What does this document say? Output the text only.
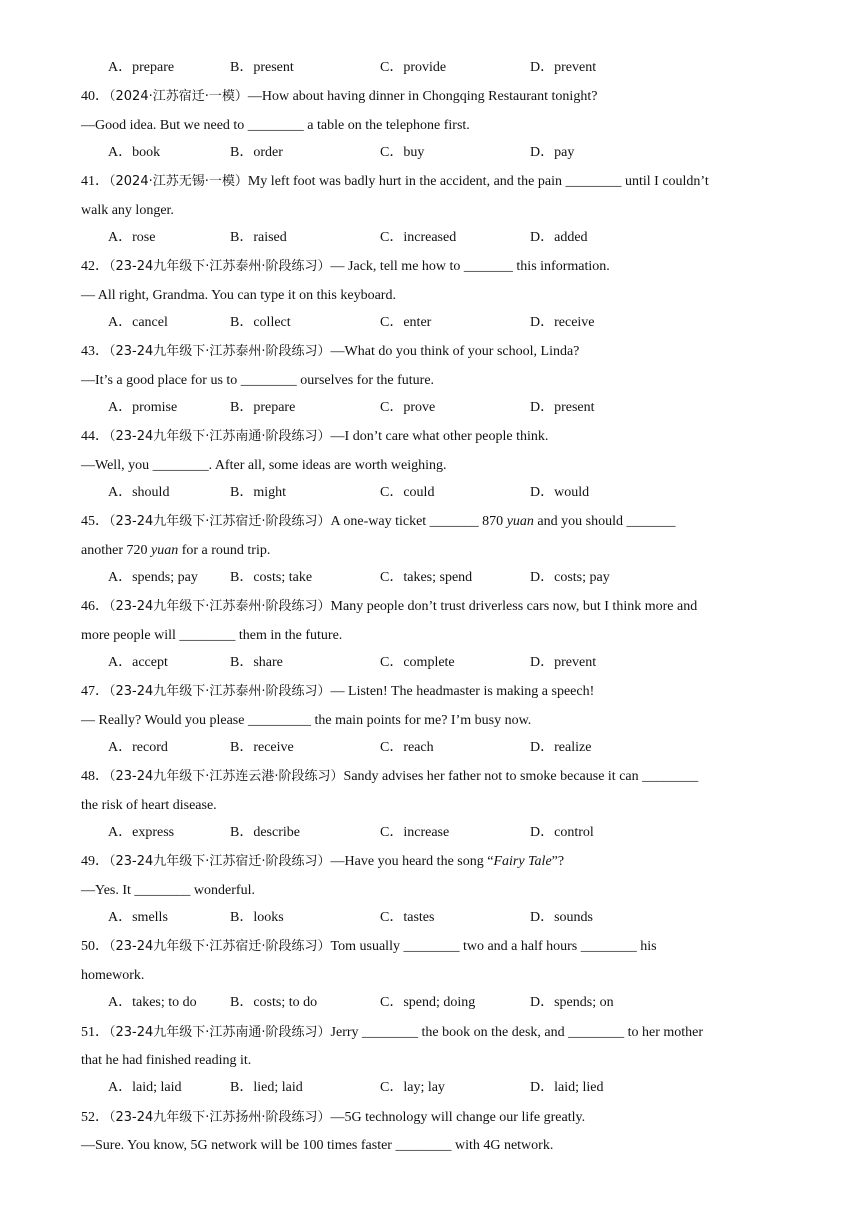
A．prepare	B．present	C．provide	D．prevent
40．（2024·江苏宿迁·一模）—How about having dinner in Chongqing Restaurant tonight?
—Good idea. But we need to ________ a table on the telephone first.
A．book	B．order	C．buy	D．pay
41．（2024·江苏无锡·一模）My left foot was badly hurt in the accident, and the pain ________ until I couldn’t
walk any longer.
A．rose	B．raised	C．increased	D．added
42．（23-24九年级下·江苏泰州·阶段练习）— Jack, tell me how to _______ this information.
— All right, Grandma. You can type it on this keyboard.
A．cancel	B．collect	C．enter	D．receive
43．（23-24九年级下·江苏泰州·阶段练习）—What do you think of your school, Linda?
—It’s a good place for us to ________ ourselves for the future.
A．promise	B．prepare	C．prove	D．present
44．（23-24九年级下·江苏南通·阶段练习）—I don’t care what other people think.
—Well, you ________. After all, some ideas are worth weighing.
A．should	B．might	C．could	D．would
45．（23-24九年级下·江苏宿迁·阶段练习）A one-way ticket _______ 870 yuan and you should _______
another 720 yuan for a round trip.
A．spends; pay B．costs; take	C．takes; spend	D．costs; pay
46．（23-24九年级下·江苏泰州·阶段练习）Many people don’t trust driverless cars now, but I think more and
more people will ________ them in the future.
A．accept	B．share	C．complete	D．prevent
47．（23-24九年级下·江苏泰州·阶段练习）— Listen! The headmaster is making a speech!
— Really? Would you please _________ the main points for me? I’m busy now.
A．record	B．receive	C．reach	D．realize
48．（23-24九年级下·江苏连云港·阶段练习）Sandy advises her father not to smoke because it can ________
the risk of heart disease.
A．express	B．describe	C．increase	D．control
49．（23-24九年级下·江苏宿迁·阶段练习）—Have you heard the song “Fairy Tale”?
—Yes. It ________ wonderful.
A．smells	B．looks	C．tastes	D．sounds
50．（23-24九年级下·江苏宿迁·阶段练习）Tom usually ________ two and a half hours ________ his
homework.
A．takes; to do B．costs; to do	C．spend; doing	D．spends; on
51．（23-24九年级下·江苏南通·阶段练习）Jerry ________ the book on the desk, and ________ to her mother
that he had finished reading it.
A．laid; laid	B．lied; laid	C．lay; lay	D．laid; lied
52．（23-24九年级下·江苏扬州·阶段练习）—5G technology will change our life greatly.
—Sure. You know, 5G network will be 100 times faster ________ with 4G network.
